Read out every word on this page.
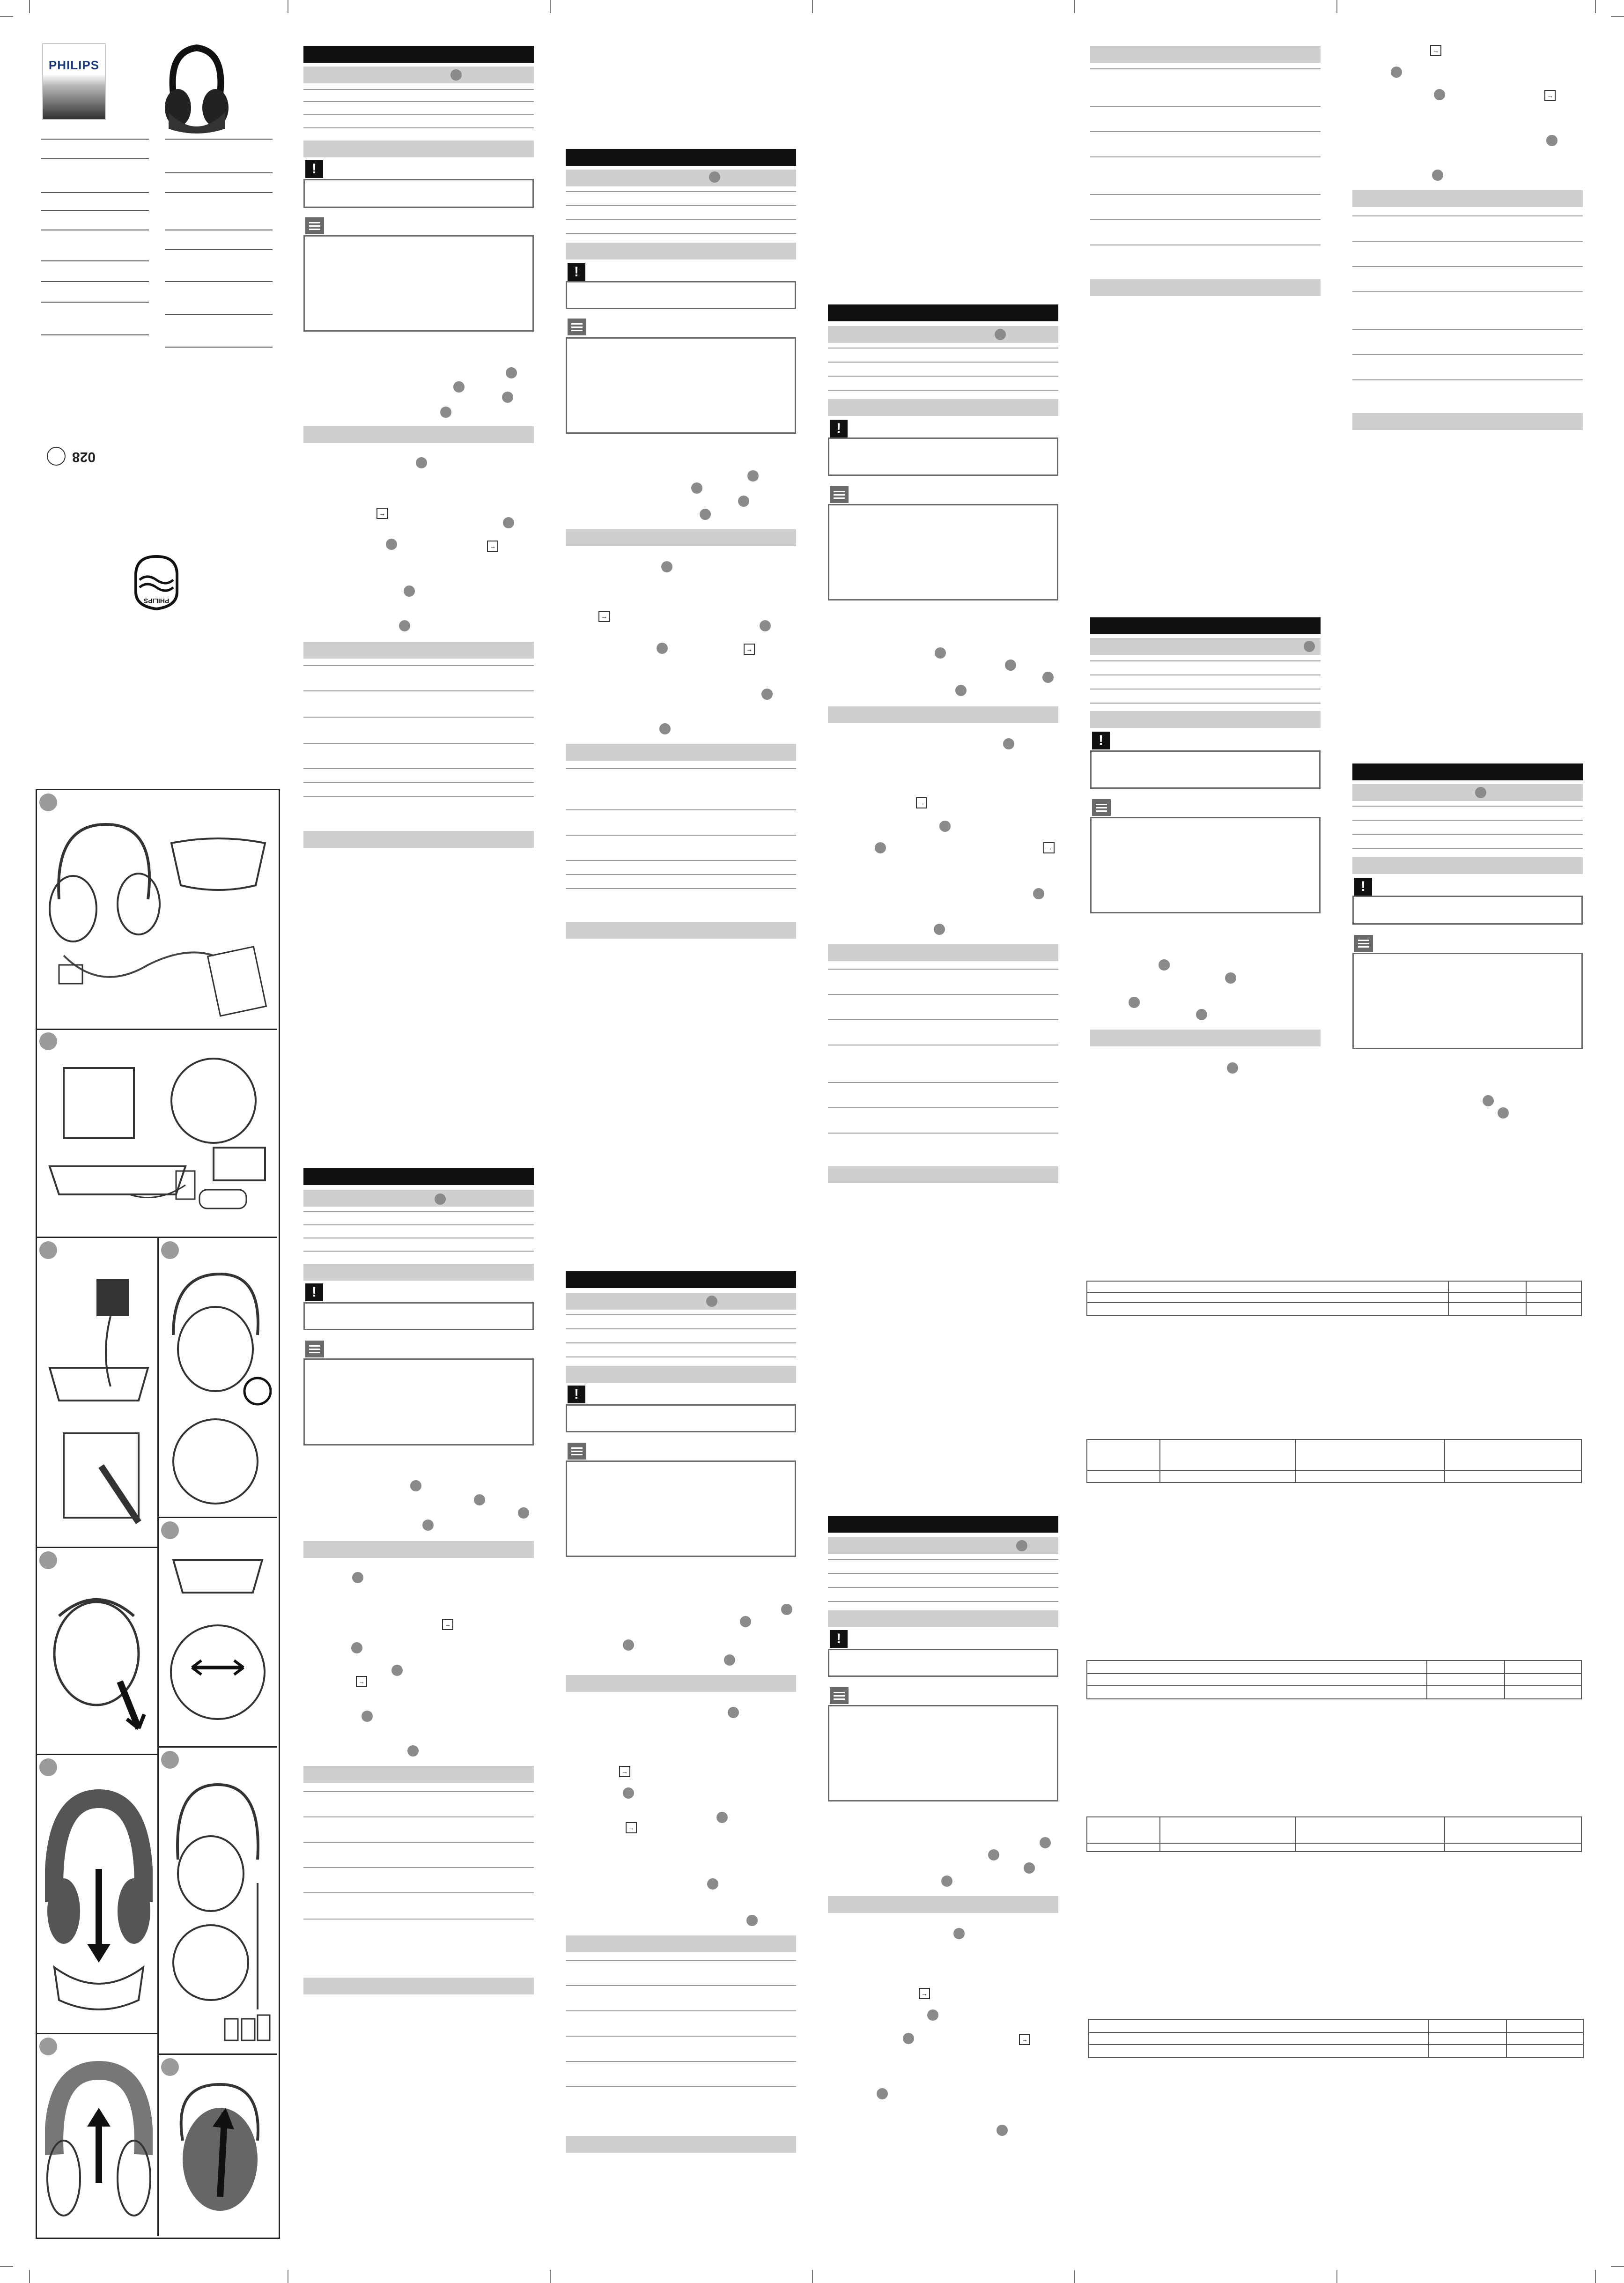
PHILIPS
028
PHILIPS
!
→
→
!
→
→
!
→
→
!
→
→
!
→
→
!
→
→
!
→
→
!
